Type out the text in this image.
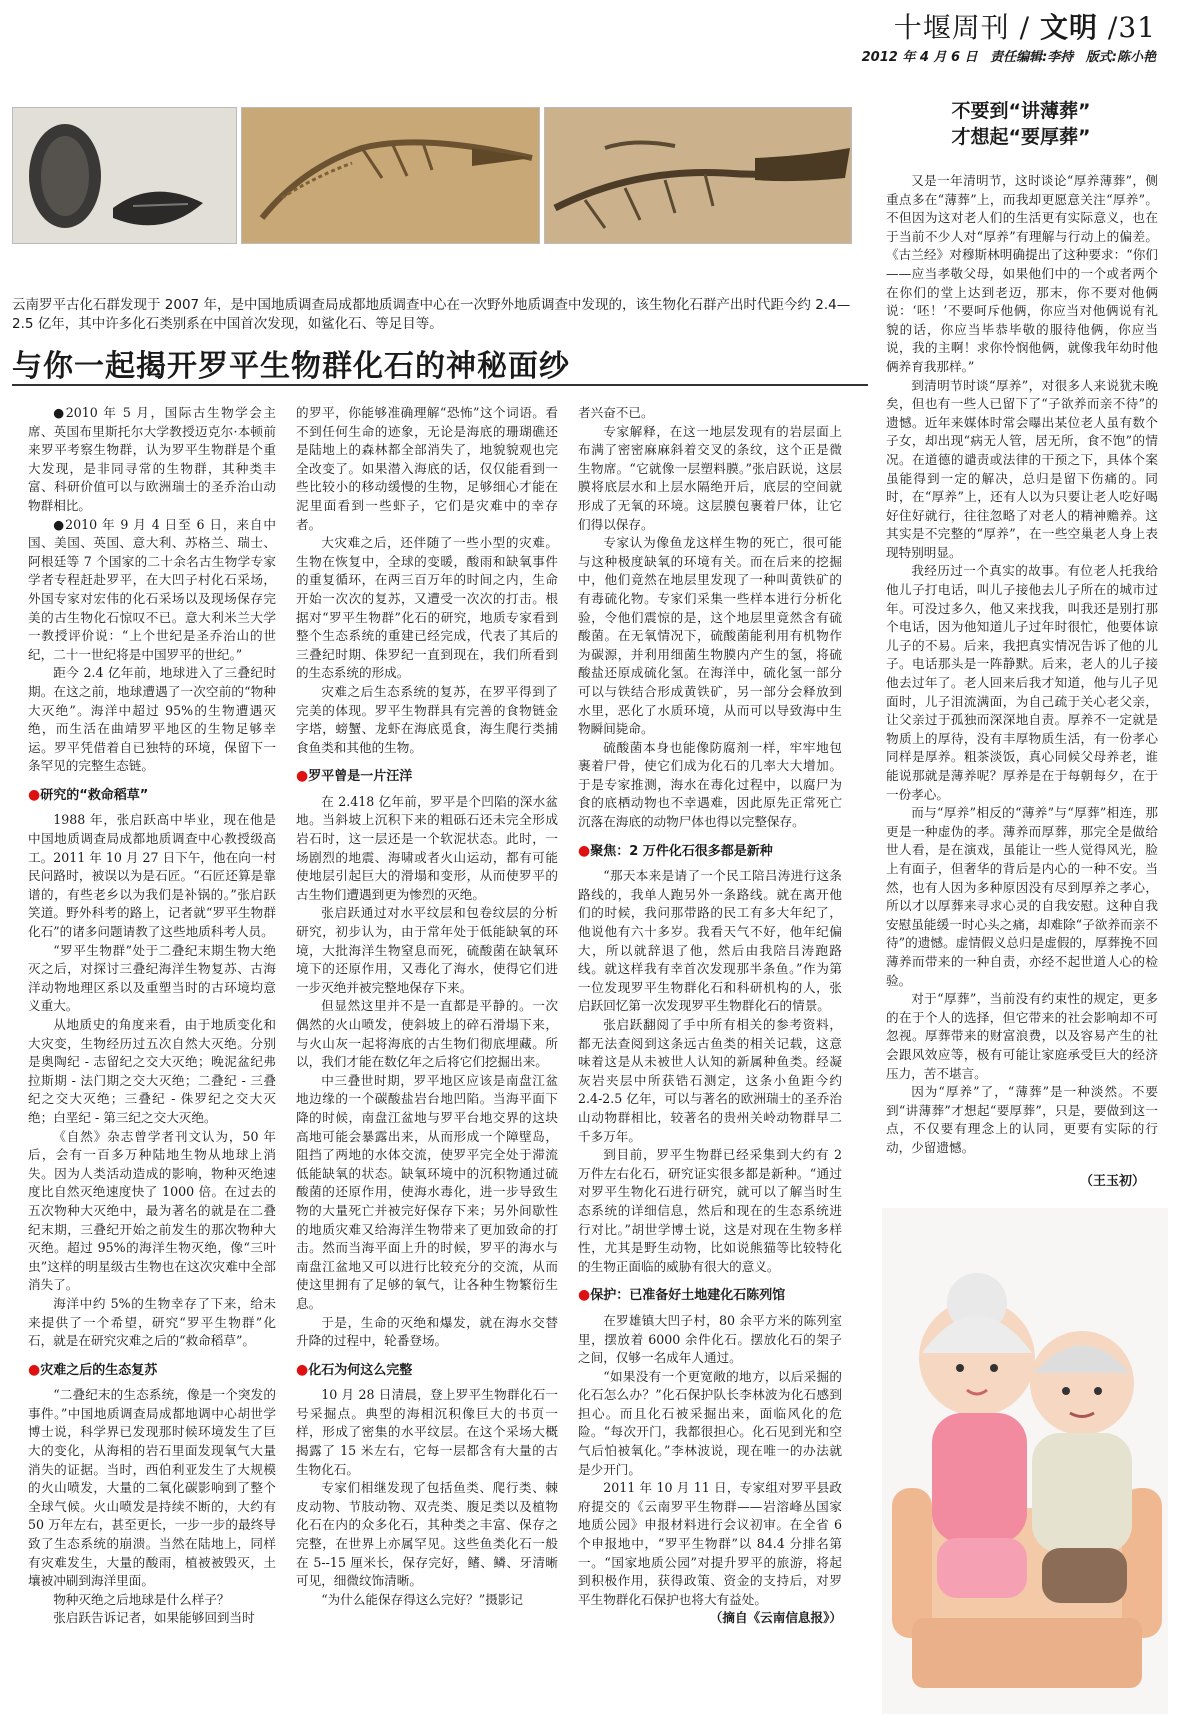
十堰周刊 / 文明 /31
2012 年 4 月 6 日 责任编辑:李持 版式:陈小艳
云南罗平古化石群发现于 2007 年，是中国地质调查局成都地质调查中心在一次野外地质调查中发现的，该生物化石群产出时代距今约 2.4—2.5 亿年，其中许多化石类别系在中国首次发现，如鲨化石、等足目等。
与你一起揭开罗平生物群化石的神秘面纱

●2010 年 5 月，国际古生物学会主席、英国布里斯托尔大学教授迈克尔·本顿前来罗平考察生物群，认为罗平生物群是个重大发现，是非同寻常的生物群，其种类丰富、科研价值可以与欧洲瑞士的圣乔治山动物群相比。

●2010 年 9 月 4 日至 6 日，来自中国、美国、英国、意大利、苏格兰、瑞士、阿根廷等 7 个国家的二十余名古生物学专家学者专程赶赴罗平，在大凹子村化石采场，外国专家对宏伟的化石采场以及现场保存完美的古生物化石惊叹不已。意大利米兰大学一教授评价说：“上个世纪是圣乔治山的世纪，二十一世纪将是中国罗平的世纪。”

距今 2.4 亿年前，地球进入了三叠纪时期。在这之前，地球遭遇了一次空前的“物种大灭绝”。海洋中超过 95%的生物遭遇灭绝，而生活在曲靖罗平地区的生物足够幸运。罗平凭借着自已独特的环境，保留下一条罕见的完整生态链。

●研究的“救命稻草”

1988 年，张启跃高中毕业，现在他是中国地质调查局成都地质调查中心教授级高工。2011 年 10 月 27 日下午，他在向一村民问路时，被误以为是石匠。“石匠还算是靠谱的，有些老乡以为我们是补锅的。”张启跃笑道。野外科考的路上，记者就“罗平生物群化石”的诸多问题请教了这些地质科考人员。

“罗平生物群”处于二叠纪末期生物大绝灭之后，对探讨三叠纪海洋生物复苏、古海洋动物地理区系以及重塑当时的古环境均意义重大。

从地质史的角度来看，由于地质变化和大灾变，生物经历过五次自然大灭绝。分别是奥陶纪 - 志留纪之交大灭绝；晚泥盆纪弗拉斯期 - 法门期之交大灭绝；二叠纪 - 三叠纪之交大灭绝；三叠纪 - 侏罗纪之交大灭绝；白垩纪 - 第三纪之交大灭绝。

《自然》杂志曾学者刊文认为，50 年后，会有一百多万种陆地生物从地球上消失。因为人类活动造成的影响，物种灭绝速度比自然灭绝速度快了 1000 倍。在过去的五次物种大灭绝中，最为著名的就是在二叠纪末期，三叠纪开始之前发生的那次物种大灭绝。超过 95%的海洋生物灭绝，像“三叶虫”这样的明星级古生物也在这次灾难中全部消失了。

海洋中约 5%的生物幸存了下来，给未来提供了一个希望，研究“罗平生物群”化石，就是在研究灾难之后的“救命稻草”。

●灾难之后的生态复苏

“二叠纪末的生态系统，像是一个突发的事件。”中国地质调查局成都地调中心胡世学博士说，科学界已发现那时候环境发生了巨大的变化，从海相的岩石里面发现氧气大量消失的证据。当时，西伯利亚发生了大规模的火山喷发，大量的二氧化碳影响到了整个全球气候。火山喷发是持续不断的，大约有 50 万年左右，甚至更长，一步一步的最终导致了生态系统的崩溃。当然在陆地上，同样有灾难发生，大量的酸雨，植被被毁灭，土壤被冲刷到海洋里面。

物种灭绝之后地球是什么样子？

张启跃告诉记者，如果能够回到当时

的罗平，你能够准确理解“恐怖”这个词语。看不到任何生命的迹象，无论是海底的珊瑚礁还是陆地上的森林都全部消失了，地貌貌观也完全改变了。如果潜入海底的话，仅仅能看到一些比较小的移动缓慢的生物，足够细心才能在泥里面看到一些虾子，它们是灾难中的幸存者。

大灾难之后，还伴随了一些小型的灾难。生物在恢复中，全球的变暖，酸雨和缺氧事件的重复循环，在两三百万年的时间之内，生命开始一次次的复苏，又遭受一次次的打击。根据对“罗平生物群”化石的研究，地质专家看到整个生态系统的重建已经完成，代表了其后的三叠纪时期、侏罗纪一直到现在，我们所看到的生态系统的形成。

灾难之后生态系统的复苏，在罗平得到了完美的体现。罗平生物群具有完善的食物链金字塔，螃蟹、龙虾在海底觅食，海生爬行类捕食鱼类和其他的生物。

●罗平曾是一片汪洋

在 2.418 亿年前，罗平是个凹陷的深水盆地。当斜坡上沉积下来的粗砾石还未完全形成岩石时，这一层还是一个软泥状态。此时，一场剧烈的地震、海啸或者火山运动，都有可能使地层引起巨大的滑塌和变形，从而使罗平的古生物们遭遇到更为惨烈的灭绝。

张启跃通过对水平纹层和包卷纹层的分析研究，初步认为，由于常年处于低能缺氧的环境，大批海洋生物窒息而死，硫酸菌在缺氧环境下的还原作用，又毒化了海水，使得它们进一步灭绝并被完整地保存下来。

但显然这里并不是一直都是平静的。一次偶然的火山喷发，使斜坡上的碎石滑塌下来，与火山灰一起将海底的古生物们彻底埋藏。所以，我们才能在数亿年之后将它们挖掘出来。

中三叠世时期，罗平地区应该是南盘江盆地边缘的一个碳酸盐岩台地凹陷。当海平面下降的时候，南盘江盆地与罗平台地交界的这块高地可能会暴露出来，从而形成一个障壁岛，阻挡了两地的水体交流，使罗平完全处于滞流低能缺氧的状态。缺氧环境中的沉积物通过硫酸菌的还原作用，使海水毒化，进一步导致生物的大量死亡并被完好保存下来；另外间歇性的地质灾难又给海洋生物带来了更加致命的打击。然而当海平面上升的时候，罗平的海水与南盘江盆地又可以进行比较充分的交流，从而使这里拥有了足够的氧气，让各种生物繁衍生息。

于是，生命的灭绝和爆发，就在海水交替升降的过程中，轮番登场。

●化石为何这么完整

10 月 28 日清晨，登上罗平生物群化石一号采掘点。典型的海相沉积像巨大的书页一样，形成了密集的水平纹层。在这个采场大概揭露了 15 米左右，它每一层都含有大量的古生物化石。

专家们相继发现了包括鱼类、爬行类、棘皮动物、节肢动物、双壳类、腹足类以及植物化石在内的众多化石，其种类之丰富、保存之完整，在世界上亦属罕见。这些鱼类化石一般在 5--15 厘米长，保存完好，鳍、鳞、牙清晰可见，细微纹饰清晰。

“为什么能保存得这么完好？”摄影记

者兴奋不已。

专家解释，在这一地层发现有的岩层面上布满了密密麻麻斜着交叉的条纹，这个正是微生物席。“它就像一层塑料膜。”张启跃说，这层膜将底层水和上层水隔绝开后，底层的空间就形成了无氧的环境。这层膜包裹着尸体，让它们得以保存。

专家认为像鱼龙这样生物的死亡，很可能与这种极度缺氧的环境有关。而在后来的挖掘中，他们竟然在地层里发现了一种叫黄铁矿的有毒硫化物。专家们采集一些样本进行分析化验，令他们震惊的是，这个地层里竟然含有硫酸菌。在无氧情况下，硫酸菌能利用有机物作为碳源，并利用细菌生物膜内产生的氢，将硫酸盐还原成硫化氢。在海洋中，硫化氢一部分可以与铁结合形成黄铁矿，另一部分会释放到水里，恶化了水质环境，从而可以导致海中生物瞬间毙命。

硫酸菌本身也能像防腐剂一样，牢牢地包裹着尸骨，使它们成为化石的几率大大增加。于是专家推测，海水在毒化过程中，以腐尸为食的底栖动物也不幸遇难，因此原先正常死亡沉落在海底的动物尸体也得以完整保存。

●聚焦：2 万件化石很多都是新种

“那天本来是请了一个民工陪吕涛进行这条路线的，我单人跑另外一条路线。就在离开他们的时候，我问那带路的民工有多大年纪了，他说他有六十多岁。我看天气不好，他年纪偏大，所以就辞退了他，然后由我陪吕涛跑路线。就这样我有幸首次发现那半条鱼。”作为第一位发现罗平生物群化石和科研机构的人，张启跃回忆第一次发现罗平生物群化石的情景。

张启跃翻阅了手中所有相关的参考资料，都无法查阅到这条远古鱼类的相关记载，这意味着这是从未被世人认知的新属种鱼类。经凝灰岩夹层中所获锆石测定，这条小鱼距今约 2.4-2.5 亿年，可以与著名的欧洲瑞士的圣乔治山动物群相比，较著名的贵州关岭动物群早二千多万年。

到目前，罗平生物群已经采集到大约有 2 万件左右化石，研究证实很多都是新种。“通过对罗平生物化石进行研究，就可以了解当时生态系统的详细信息，然后和现在的生态系统进行对比。”胡世学博士说，这是对现在生物多样性，尤其是野生动物，比如说熊猫等比较特化的生物正面临的威胁有很大的意义。

●保护：已准备好土地建化石陈列馆

在罗雄镇大凹子村，80 余平方米的陈列室里，摆放着 6000 余件化石。摆放化石的架子之间，仅够一名成年人通过。

“如果没有一个更宽敞的地方，以后采掘的化石怎么办？”化石保护队长李林波为化石感到担心。而且化石被采掘出来，面临风化的危险。“每次开门，我都很担心。化石见到光和空气后怕被氧化。”李林波说，现在唯一的办法就是少开门。

2011 年 10 月 11 日，专家组对罗平县政府提交的《云南罗平生物群——岩溶峰丛国家地质公园》申报材料进行会议初审。在全省 6 个申报地中，“罗平生物群”以 84.4 分排名第一。“国家地质公园”对提升罗平的旅游，将起到积极作用，获得政策、资金的支持后，对罗平生物群化石保护也将大有益处。

（摘自《云南信息报》）

不要到“讲薄葬”
才想起“要厚葬”

又是一年清明节，这时谈论“厚养薄葬”，侧重点多在“薄葬”上，而我却更愿意关注“厚养”。不但因为这对老人们的生活更有实际意义，也在于当前不少人对“厚养”有理解与行动上的偏差。《古兰经》对穆斯林明确提出了这种要求：“你们——应当孝敬父母，如果他们中的一个或者两个在你们的堂上达到老迈，那末，你不要对他俩说：‘呸！’不要呵斥他俩，你应当对他俩说有礼貌的话，你应当毕恭毕敬的服待他俩，你应当说，我的主啊！求你怜悯他俩，就像我年幼时他俩养育我那样。”

到清明节时谈“厚养”，对很多人来说犹未晚矣，但也有一些人已留下了“子欲养而亲不待”的遗憾。近年来媒体时常会曝出某位老人虽有数个子女，却出现“病无人管，居无所，食不饱”的情况。在道德的谴责或法律的干预之下，具体个案虽能得到一定的解决，总归是留下伤痛的。同时，在“厚养”上，还有人以为只要让老人吃好喝好住好就行，往往忽略了对老人的精神赡养。这其实是不完整的“厚养”，在一些空巢老人身上表现特别明显。

我经历过一个真实的故事。有位老人托我给他儿子打电话，叫儿子接他去儿子所在的城市过年。可没过多久，他又来找我，叫我还是别打那个电话，因为他知道儿子过年时很忙，他要体谅儿子的不易。后来，我把真实情况告诉了他的儿子。电话那头是一阵静默。后来，老人的儿子接他去过年了。老人回来后我才知道，他与儿子见面时，儿子泪流满面，为自己疏于关心老父亲，让父亲过于孤独而深深地自责。厚养不一定就是物质上的厚待，没有丰厚物质生活，有一份孝心同样是厚养。粗茶淡饭，真心同候父母养老，谁能说那就是薄养呢？厚养是在于每朝每夕，在于一份孝心。

而与“厚养”相反的“薄养”与“厚葬”相连，那更是一种虚伪的孝。薄养而厚葬，那完全是做给世人看，是在演戏，虽能让一些人觉得风光，脸上有面子，但奢华的背后是内心的一种不安。当然，也有人因为多种原因没有尽到厚养之孝心，所以才以厚葬来寻求心灵的自我安慰。这种自我安慰虽能缓一时心头之痛，却难除“子欲养而亲不待”的遗憾。虚情假义总归是虚假的，厚葬挽不回薄养而带来的一种自责，亦经不起世道人心的检验。

对于“厚葬”，当前没有约束性的规定，更多的在于个人的选择，但它带来的社会影响却不可忽视。厚葬带来的财富浪费，以及容易产生的社会跟风效应等，极有可能让家庭承受巨大的经济压力，苦不堪言。

因为“厚养”了，“薄葬”是一种淡然。不要到“讲薄葬”才想起“要厚葬”，只是，要做到这一点，不仅要有理念上的认同，更要有实际的行动，少留遗憾。

（王玉初）
